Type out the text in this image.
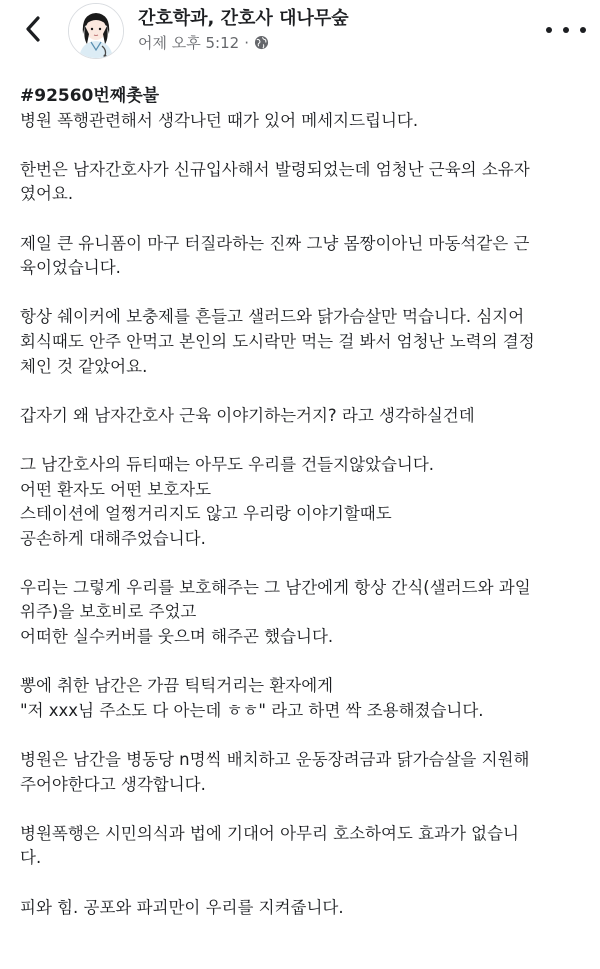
간호학과, 간호사 대나무숲
어제 오후 5:12 ·

#92560번째촛불

병원 폭행관련해서 생각나던 때가 있어 메세지드립니다.

한번은 남자간호사가 신규입사해서 발령되었는데 엄청난 근육의 소유자
였어요.

제일 큰 유니폼이 마구 터질라하는 진짜 그냥 몸짱이아닌 마동석같은 근
육이었습니다.

항상 쉐이커에 보충제를 흔들고 샐러드와 닭가슴살만 먹습니다. 심지어
회식때도 안주 안먹고 본인의 도시락만 먹는 걸 봐서 엄청난 노력의 결정
체인 것 같았어요.

갑자기 왜 남자간호사 근육 이야기하는거지? 라고 생각하실건데

그 남간호사의 듀티때는 아무도 우리를 건들지않았습니다.
어떤 환자도 어떤 보호자도
스테이션에 얼쩡거리지도 않고 우리랑 이야기할때도
공손하게 대해주었습니다.

우리는 그렇게 우리를 보호해주는 그 남간에게 항상 간식(샐러드와 과일
위주)을 보호비로 주었고
어떠한 실수커버를 웃으며 해주곤 했습니다.

뽕에 취한 남간은 가끔 틱틱거리는 환자에게
"저 xxx님 주소도 다 아는데 ㅎㅎ" 라고 하면 싹 조용해졌습니다.

병원은 남간을 병동당 n명씩 배치하고 운동장려금과 닭가슴살을 지원해
주어야한다고 생각합니다.

병원폭행은 시민의식과 법에 기대어 아무리 호소하여도 효과가 없습니
다.

피와 힘. 공포와 파괴만이 우리를 지켜줍니다.
